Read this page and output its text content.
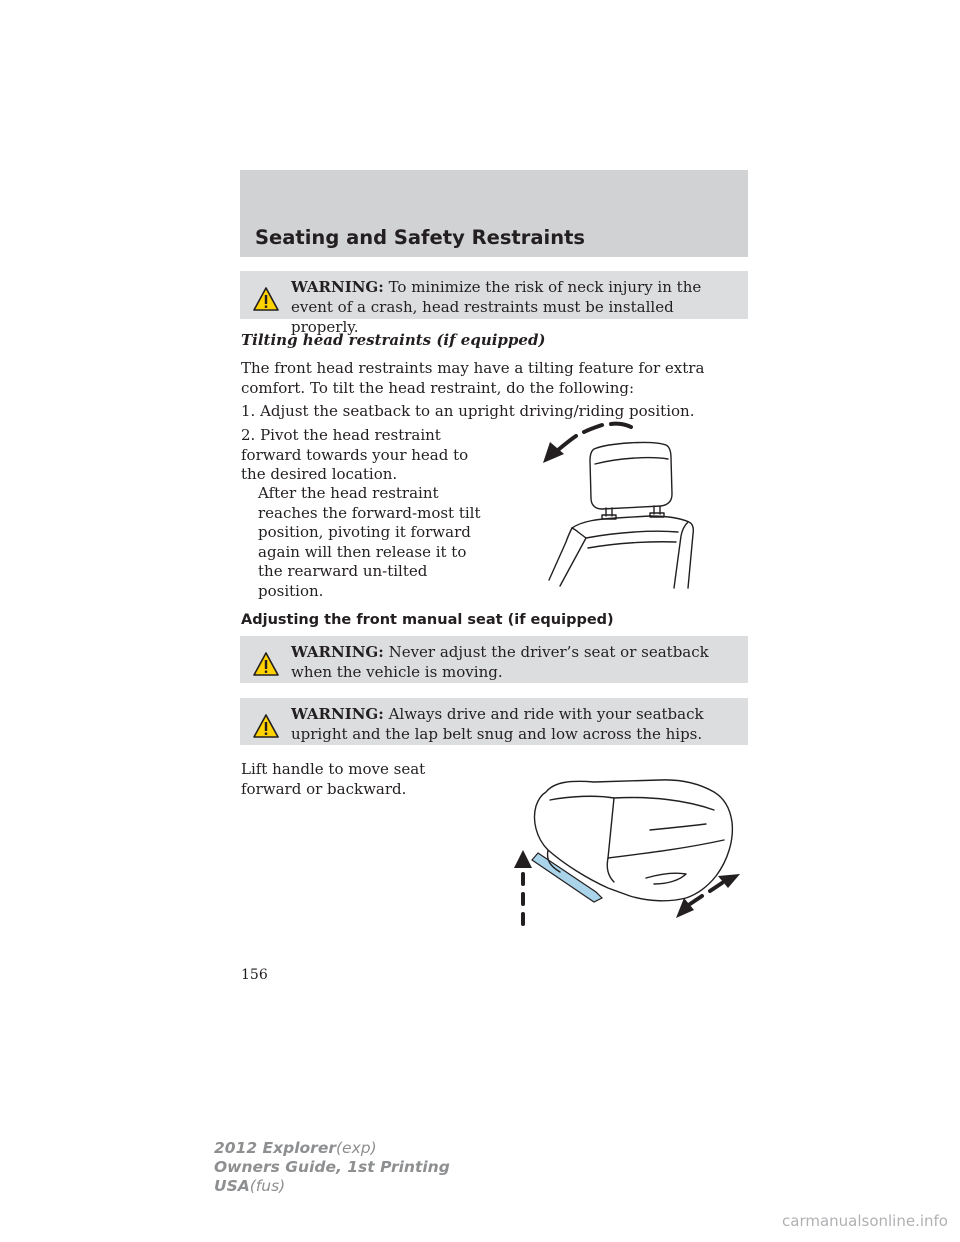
Seating and Safety Restraints
WARNING: To minimize the risk of neck injury in the event of a crash, head restraints must be installed properly.
Tilting head restraints (if equipped)
The front head restraints may have a tilting feature for extra comfort. To tilt the head restraint, do the following:
1. Adjust the seatback to an upright driving/riding position.
2. Pivot the head restraint forward towards your head to the desired location.
After the head restraint reaches the forward-most tilt position, pivoting it forward again will then release it to the rearward un-tilted position.
Adjusting the front manual seat (if equipped)
WARNING: Never adjust the driver’s seat or seatback when the vehicle is moving.
WARNING: Always drive and ride with your seatback upright and the lap belt snug and low across the hips.
Lift handle to move seat forward or backward.
156
2012 Explorer(exp)
Owners Guide, 1st Printing
USA(fus)
carmanualsonline.info
